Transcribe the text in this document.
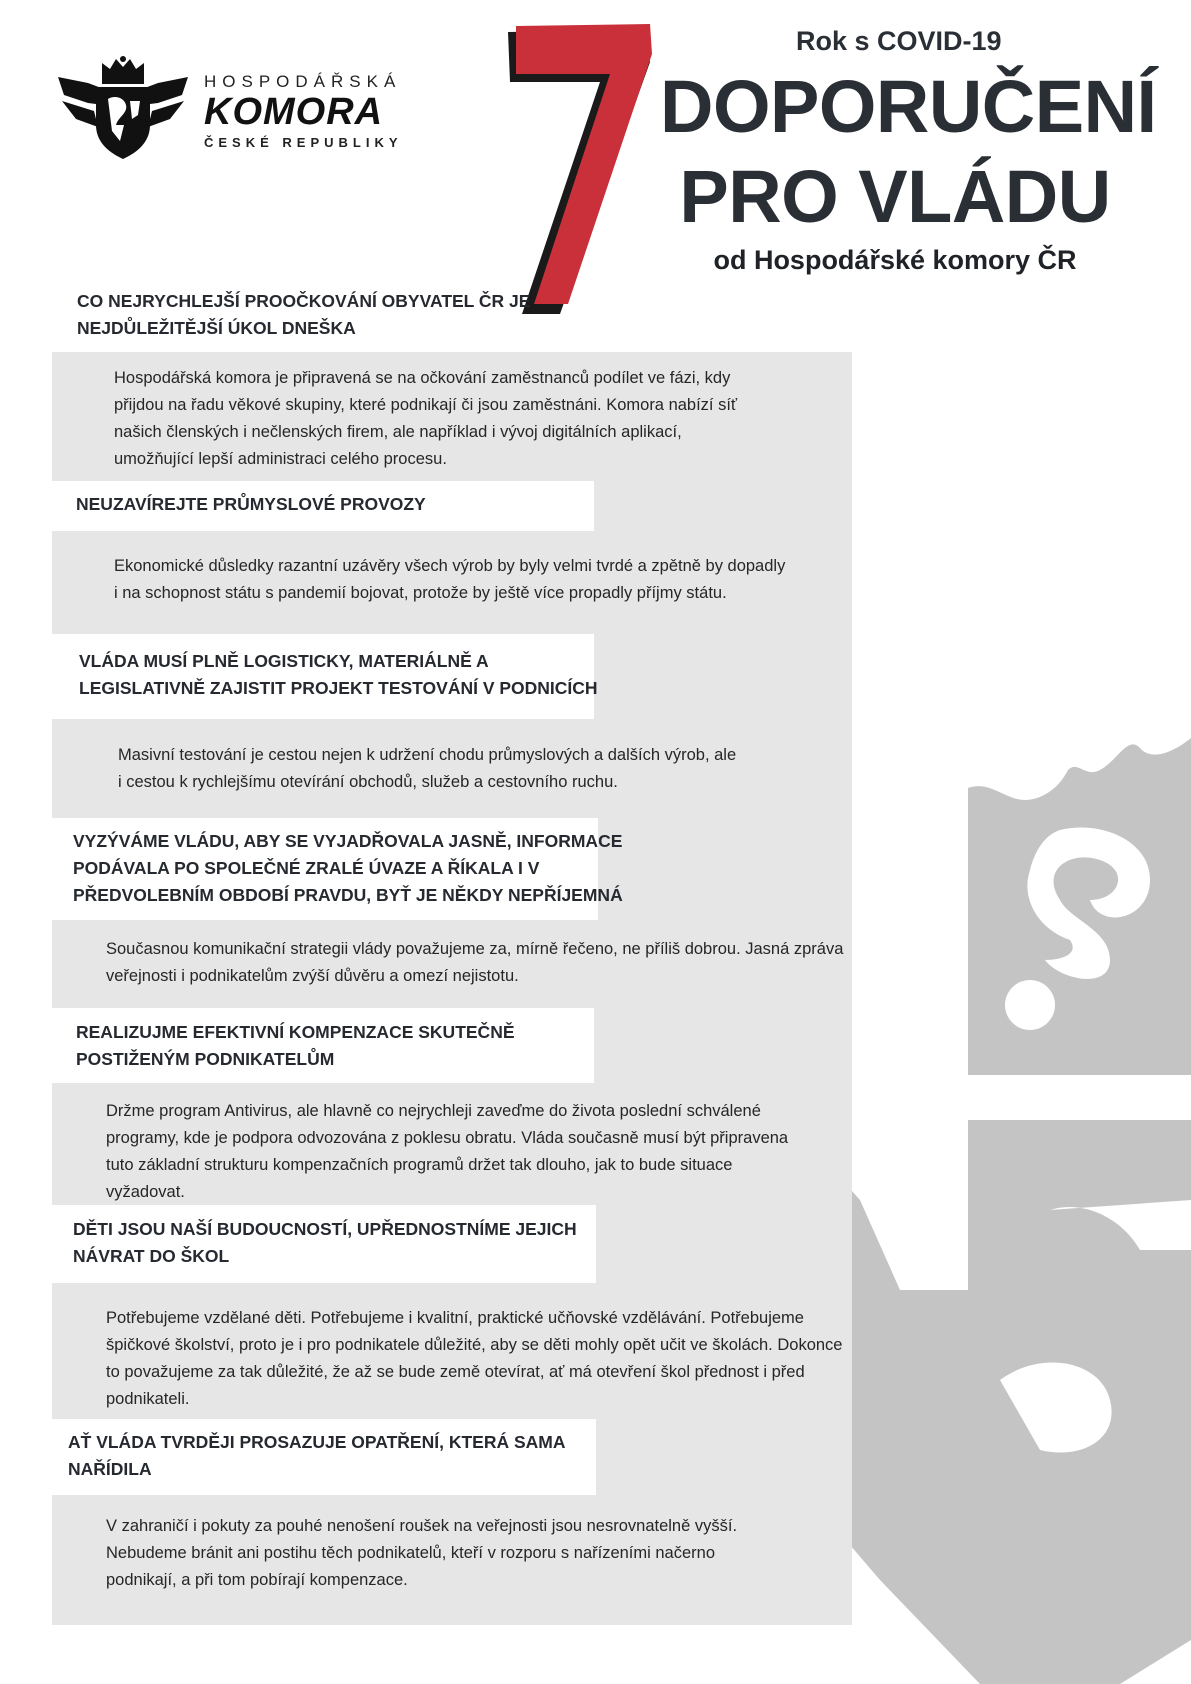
HOSPODÁŘSKÁ
KOMORA
ČESKÉ REPUBLIKY
Rok s COVID-19
DOPORUČENÍ
PRO VLÁDU
od Hospodářské komory ČR
CO NEJRYCHLEJŠÍ PROOČKOVÁNÍ OBYVATEL ČR JE
NEJDŮLEŽITĚJŠÍ ÚKOL DNEŠKA
Hospodářská komora je připravená se na očkování zaměstnanců podílet ve fázi, kdy
přijdou na řadu věkové skupiny, které podnikají či jsou zaměstnáni. Komora nabízí síť
našich členských i nečlenských firem, ale například i vývoj digitálních aplikací,
umožňující lepší administraci celého procesu.
NEUZAVÍREJTE PRŮMYSLOVÉ PROVOZY
Ekonomické důsledky razantní uzávěry všech výrob by byly velmi tvrdé a zpětně by dopadly
i na schopnost státu s pandemií bojovat, protože by ještě více propadly příjmy státu.
VLÁDA MUSÍ PLNĚ LOGISTICKY, MATERIÁLNĚ A
LEGISLATIVNĚ ZAJISTIT PROJEKT TESTOVÁNÍ V PODNICÍCH
Masivní testování je cestou nejen k udržení chodu průmyslových a dalších výrob, ale
i cestou k rychlejšímu otevírání obchodů, služeb a cestovního ruchu.
VYZÝVÁME VLÁDU, ABY SE VYJADŘOVALA JASNĚ, INFORMACE
PODÁVALA PO SPOLEČNÉ ZRALÉ ÚVAZE A ŘÍKALA I V
PŘEDVOLEBNÍM OBDOBÍ PRAVDU, BYŤ JE NĚKDY NEPŘÍJEMNÁ
Současnou komunikační strategii vlády považujeme za, mírně řečeno, ne příliš dobrou. Jasná zpráva
veřejnosti i podnikatelům zvýší důvěru a omezí nejistotu.
REALIZUJME EFEKTIVNÍ KOMPENZACE SKUTEČNĚ
POSTIŽENÝM PODNIKATELŮM
Držme program Antivirus, ale hlavně co nejrychleji zaveďme do života poslední schválené
programy, kde je podpora odvozována z poklesu obratu. Vláda současně musí být připravena
tuto základní strukturu kompenzačních programů držet tak dlouho, jak to bude situace
vyžadovat.
DĚTI JSOU NAŠÍ BUDOUCNOSTÍ, UPŘEDNOSTNÍME JEJICH
NÁVRAT DO ŠKOL
Potřebujeme vzdělané děti. Potřebujeme i kvalitní, praktické učňovské vzdělávání. Potřebujeme
špičkové školství, proto je i pro podnikatele důležité, aby se děti mohly opět učit ve školách. Dokonce
to považujeme za tak důležité, že až se bude země otevírat, ať má otevření škol přednost i před
podnikateli.
AŤ VLÁDA TVRDĚJI PROSAZUJE OPATŘENÍ, KTERÁ SAMA
NAŘÍDILA
V zahraničí i pokuty za pouhé nenošení roušek na veřejnosti jsou nesrovnatelně vyšší.
Nebudeme bránit ani postihu těch podnikatelů, kteří v rozporu s nařízeními načerno
podnikají, a při tom pobírají kompenzace.
